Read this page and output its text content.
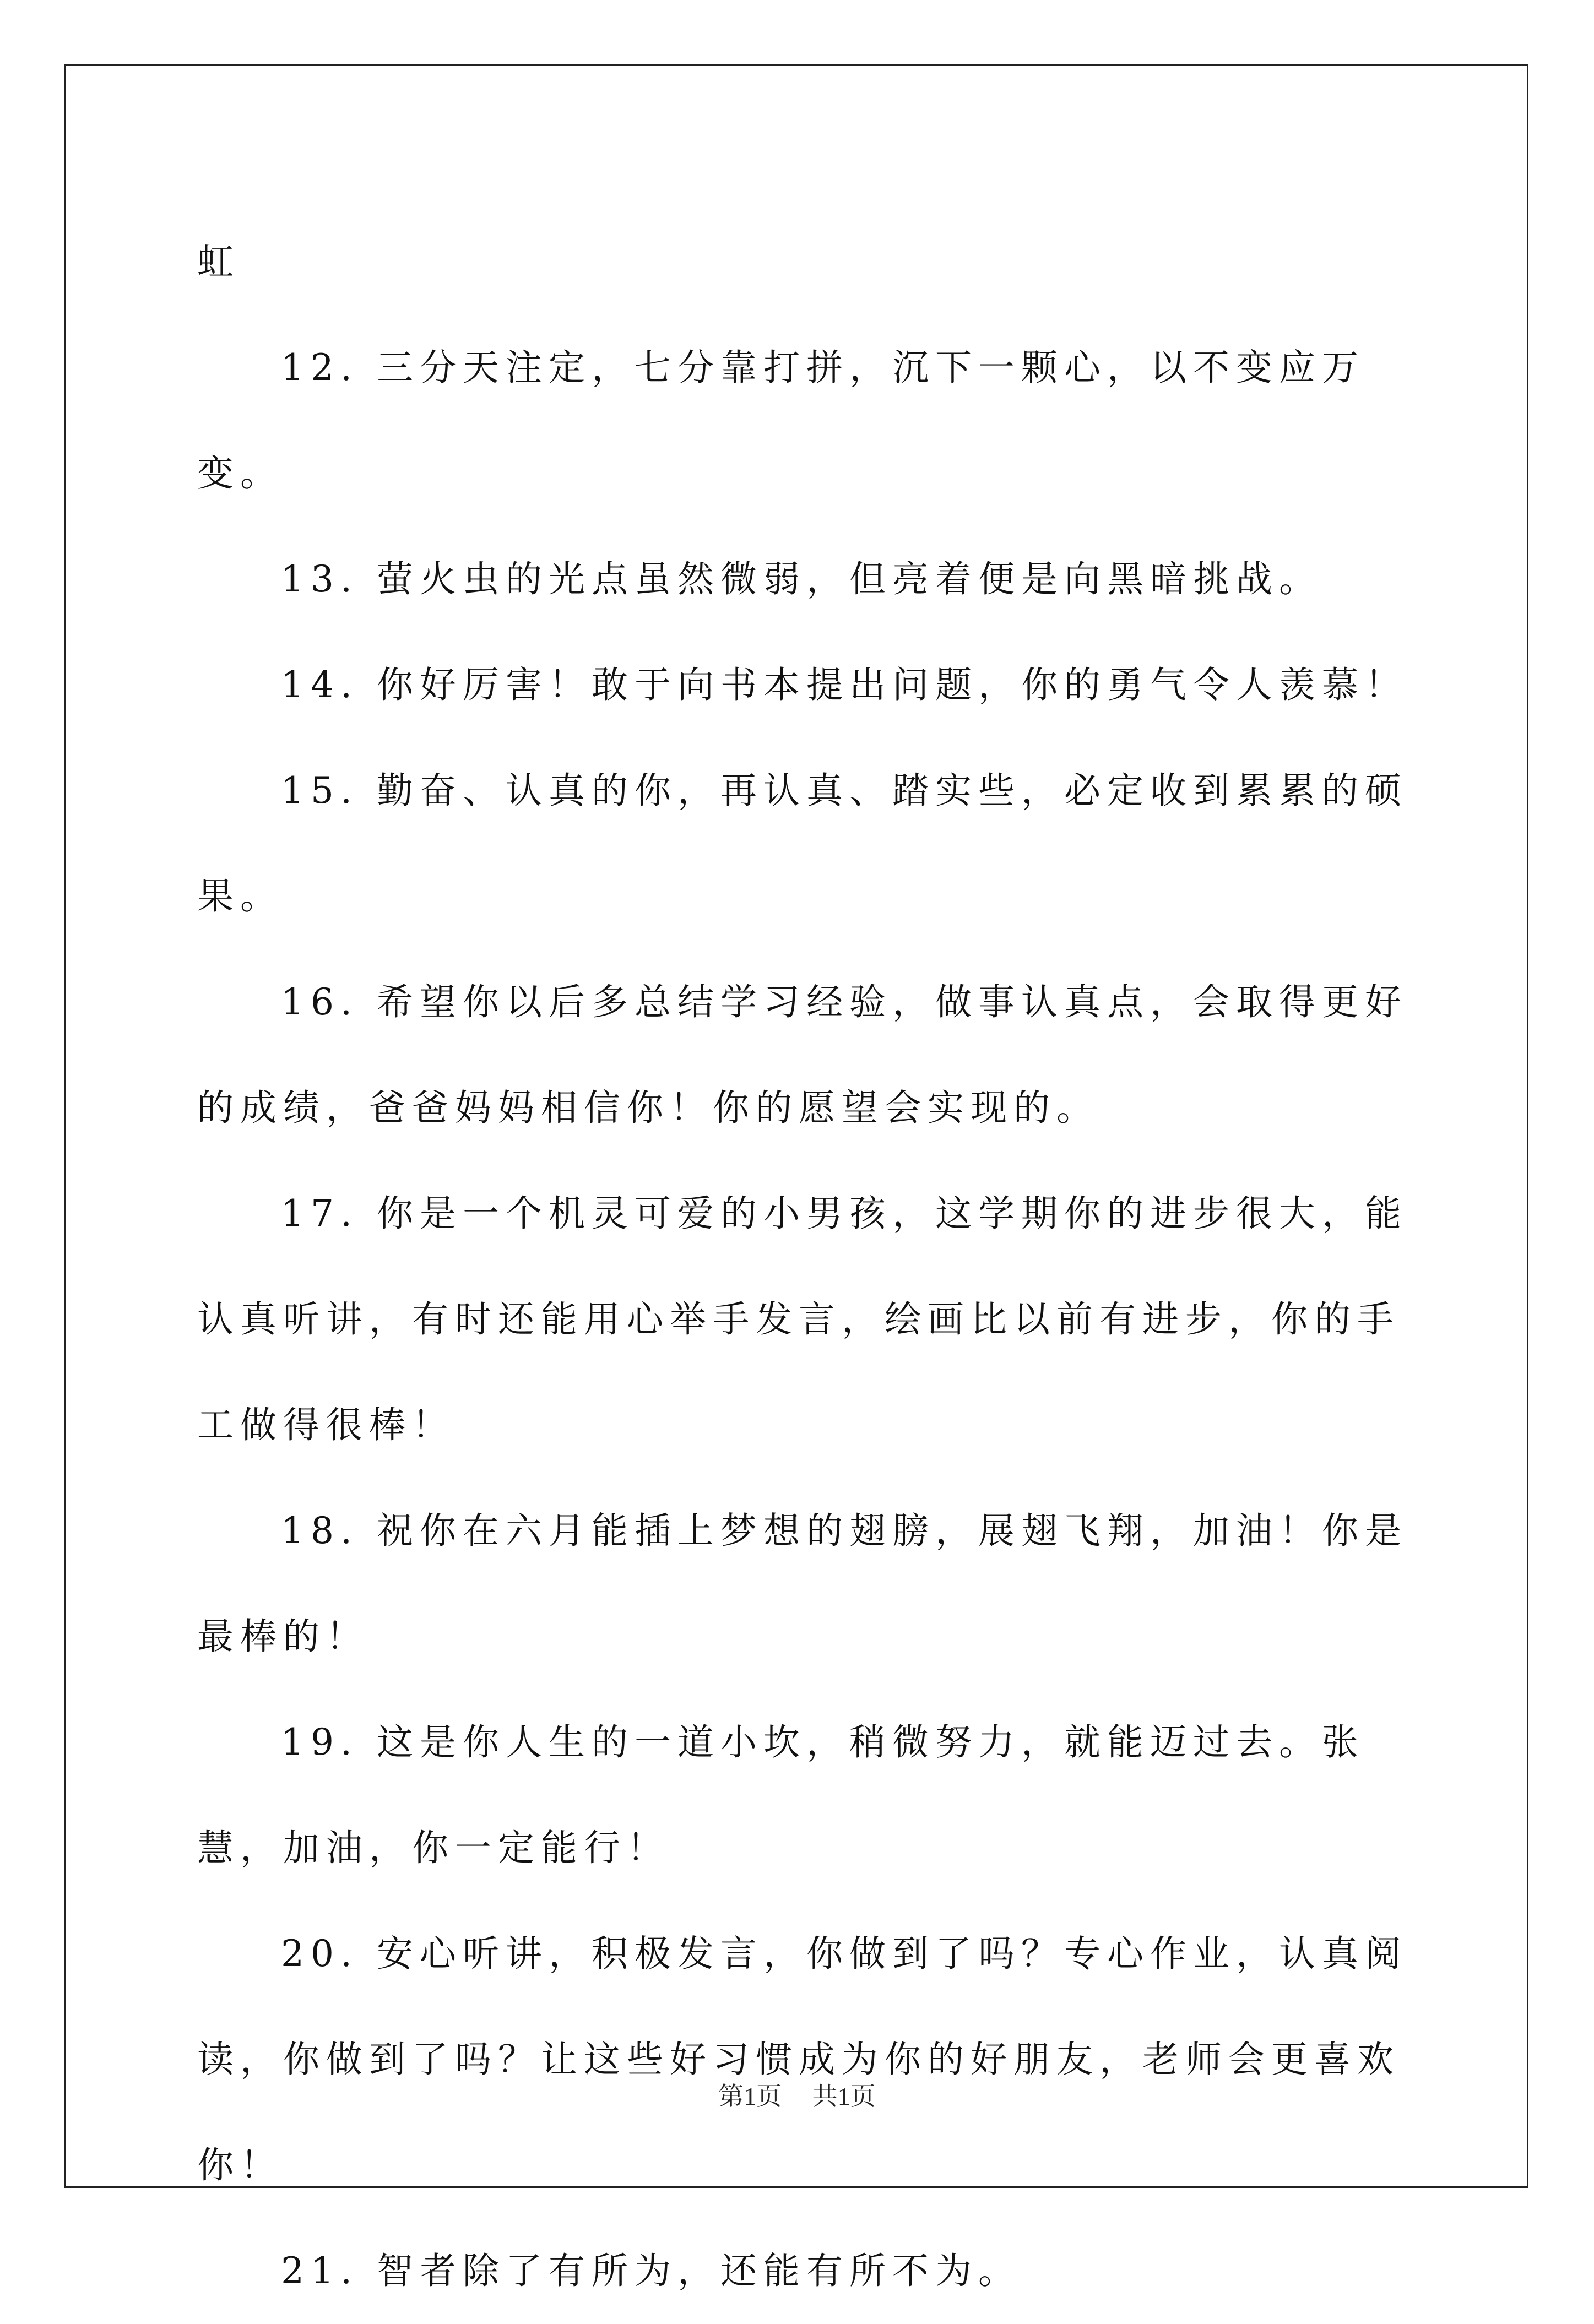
虹

12. 三分天注定，七分靠打拼，沉下一颗心，以不变应万变。

13. 萤火虫的光点虽然微弱，但亮着便是向黑暗挑战。

14. 你好厉害！敢于向书本提出问题，你的勇气令人羡慕！

15. 勤奋、认真的你，再认真、踏实些，必定收到累累的硕果。

16. 希望你以后多总结学习经验，做事认真点，会取得更好的成绩，爸爸妈妈相信你！你的愿望会实现的。

17. 你是一个机灵可爱的小男孩，这学期你的进步很大，能认真听讲，有时还能用心举手发言，绘画比以前有进步，你的手工做得很棒！

18. 祝你在六月能插上梦想的翅膀，展翅飞翔，加油！你是最棒的！

19. 这是你人生的一道小坎，稍微努力，就能迈过去。张慧，加油，你一定能行！

20. 安心听讲，积极发言，你做到了吗？专心作业，认真阅读，你做到了吗？让这些好习惯成为你的好朋友，老师会更喜欢你！

21. 智者除了有所为，还能有所不为。

第1页 共1页
